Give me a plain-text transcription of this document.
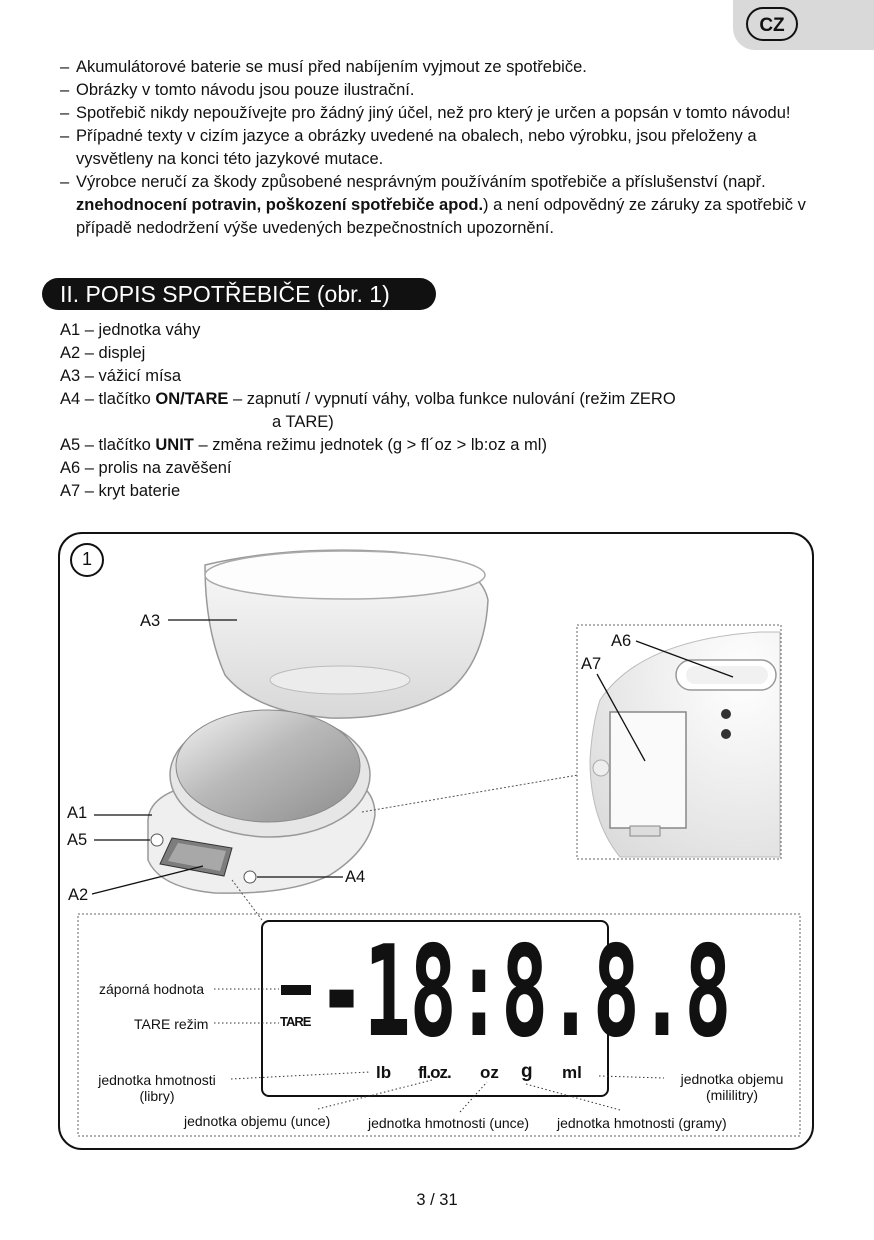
CZ
– Akumulátorové baterie se musí před nabíjením vyjmout ze spotřebiče.
– Obrázky v tomto návodu jsou pouze ilustrační.
– Spotřebič nikdy nepoužívejte pro žádný jiný účel, než pro který je určen a popsán v tomto návodu!
– Případné texty v cizím jazyce a obrázky uvedené na obalech, nebo výrobku, jsou přeloženy a vysvětleny na konci této jazykové mutace.
– Výrobce neručí za škody způsobené nesprávným používáním spotřebiče a příslušenství (např. znehodnocení potravin, poškození spotřebiče apod.) a není odpovědný ze záruky za spotřebič v případě nedodržení výše uvedených bezpečnostních upozornění.
II. POPIS SPOTŘEBIČE (obr. 1)
A1 – jednotka váhy
A2 – displej
A3 – vážicí mísa
A4 – tlačítko ON/TARE – zapnutí / vypnutí váhy, volba funkce nulování (režim ZERO
a TARE)
A5 – tlačítko UNIT – změna režimu jednotek (g > fl´oz > lb:oz a ml)
A6 – prolis na zavěšení
A7 – kryt baterie
1
A3
A6
A7
A1
A5
A4
A2
-18:8.8.8
TARE
lb fl.oz. oz g ml
záporná hodnota
TARE režim
jednotka hmotnosti
(libry)
jednotka objemu
(mililitry)
jednotka objemu (unce)	jednotka hmotnosti (unce) jednotka hmotnosti (gramy)
3 / 31
